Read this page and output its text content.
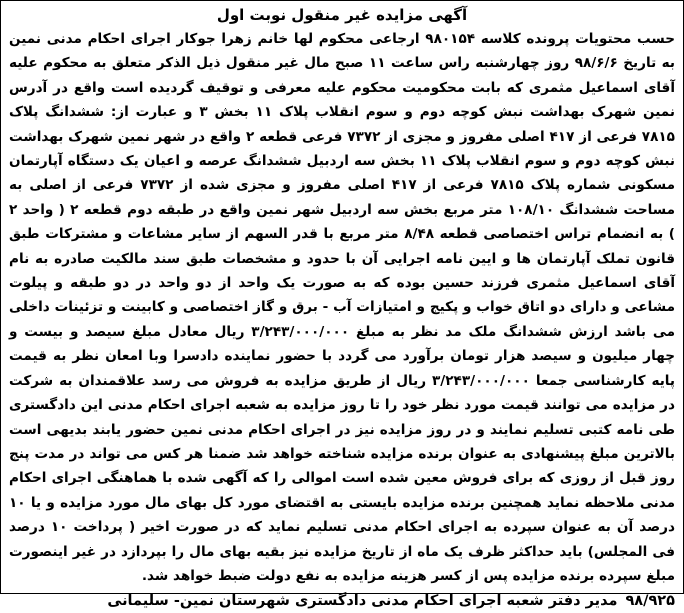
آگهی مزایده غیر منقول نوبت اول

حسب محتویات پرونده کلاسه ۹۸۰۱۵۴ ارجاعی محکوم لها خانم زهرا جوکار اجرای احکام مدنی نمین به تاریخ ۹۸/۶/۶ روز چهارشنبه راس ساعت ۱۱ صبح مال غیر منقول ذیل الذکر متعلق به محکوم علیه آقای اسماعیل مثمری که بابت محکومیت محکوم علیه معرفی و توقیف گردیده است واقع در آدرس نمین شهرک بهداشت نبش کوچه دوم و سوم انقلاب پلاک ۱۱ بخش ۳ و عبارت از: ششدانگ پلاک ۷۸۱۵ فرعی از ۴۱۷ اصلی مفروز و مجزی از ۷۳۷۲ فرعی قطعه ۲ واقع در شهر نمین شهرک بهداشت نبش کوچه دوم و سوم انقلاب پلاک ۱۱ بخش سه اردبیل ششدانگ عرصه و اعیان یک دستگاه آپارتمان مسکونی شماره پلاک ۷۸۱۵ فرعی از ۴۱۷ اصلی مفروز و مجزی شده از ۷۳۷۲ فرعی از اصلی به مساحت ششدانگ ۱۰۸/۱۰ متر مربع بخش سه اردبیل شهر نمین واقع در طبقه دوم قطعه ۲ ( واحد ۲ ) به انضمام تراس اختصاصی قطعه ۸/۴۸ متر مربع با قدر السهم از سایر مشاعات و مشترکات طبق قانون تملک آپارتمان ها و ایین نامه اجرایی آن با حدود و مشخصات طبق سند مالکیت صادره به نام آقای اسماعیل مثمری فرزند حسین بوده که به صورت یک واحد از دو واحد در دو طبقه و پیلوت مشاعی و دارای دو اتاق خواب و پکیج و امتیازات آب - برق و گاز اختصاصی و کابینت و تزئینات داخلی می باشد ارزش ششدانگ ملک مد نظر به مبلغ ۳/۲۴۳/۰۰۰/۰۰۰ ریال معادل مبلغ سیصد و بیست و چهار میلیون و سیصد هزار تومان برآورد می گردد با حضور نماینده دادسرا وبا امعان نظر به قیمت پایه کارشناسی جمعا ۳/۲۴۳/۰۰۰/۰۰۰ ریال از طریق مزایده به فروش می رسد علاقمندان به شرکت در مزایده می توانند قیمت مورد نظر خود را تا روز مزایده به شعبه اجرای احکام مدنی این دادگستری طی نامه کتبی تسلیم نمایند و در روز مزایده نیز در اجرای احکام مدنی نمین حضور یابند بدیهی است بالاترین مبلغ پیشنهادی به عنوان برنده مزایده شناخته خواهد شد ضمنا هر کس می تواند در مدت پنج روز قبل از روزی که برای فروش معین شده است اموالی را که آگهی شده با هماهنگی اجرای احکام مدنی ملاحظه نماید همچنین برنده مزایده بایستی به اقتضای مورد کل بهای مال مورد مزایده و یا ۱۰ درصد آن به عنوان سپرده به اجرای احکام مدنی تسلیم نماید که در صورت اخیر ( پرداخت ۱۰ درصد فی المجلس) باید حداکثر ظرف یک ماه از تاریخ مزایده نیز بقیه بهای مال را بپردازد در غیر اینصورت مبلغ سپرده برنده مزایده پس از کسر هزینه مزایده به نفع دولت ضبط خواهد شد.

۹۸/۹۲۵
مدیر دفتر شعبه اجرای احکام مدنی دادگستری شهرستان نمین- سلیمانی
